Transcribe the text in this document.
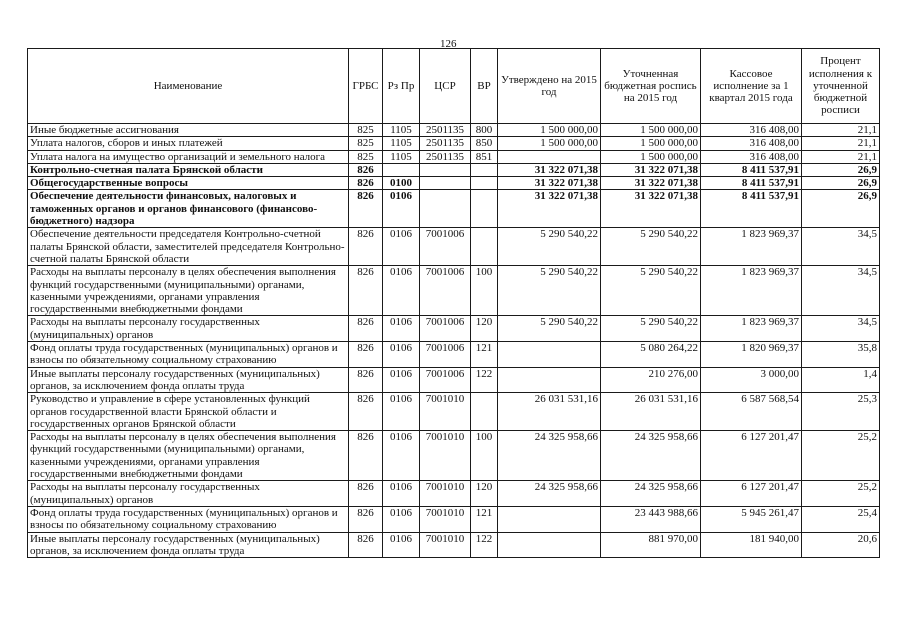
126
Наименование	ГРБС	Рз Пр	ЦСР	ВР	Утверждено на 2015 год	Уточненная бюджетная роспись на 2015 год	Кассовое исполнение за 1 квартал 2015 года	Процент исполнения к уточненной бюджетной росписи
Иные бюджетные ассигнования	825	1105	2501135	800	1 500 000,00	1 500 000,00	316 408,00	21,1
Уплата налогов, сборов и иных платежей	825	1105	2501135	850	1 500 000,00	1 500 000,00	316 408,00	21,1
Уплата налога на имущество организаций и земельного налога	825	1105	2501135	851		1 500 000,00	316 408,00	21,1
Контрольно-счетная палата Брянской области	826				31 322 071,38	31 322 071,38	8 411 537,91	26,9
Общегосударственные вопросы	826	0100			31 322 071,38	31 322 071,38	8 411 537,91	26,9
Обеспечение деятельности финансовых, налоговых и таможенных органов и органов финансового (финансово-бюджетного) надзора	826	0106			31 322 071,38	31 322 071,38	8 411 537,91	26,9
Обеспечение деятельности председателя Контрольно-счетной палаты Брянской области, заместителей председателя Контрольно-счетной палаты Брянской области	826	0106	7001006		5 290 540,22	5 290 540,22	1 823 969,37	34,5
Расходы на выплаты персоналу в целях обеспечения выполнения функций государственными (муниципальными) органами, казенными учреждениями, органами управления государственными внебюджетными фондами	826	0106	7001006	100	5 290 540,22	5 290 540,22	1 823 969,37	34,5
Расходы на выплаты персоналу государственных (муниципальных) органов	826	0106	7001006	120	5 290 540,22	5 290 540,22	1 823 969,37	34,5
Фонд оплаты труда государственных (муниципальных) органов и взносы по обязательному социальному страхованию	826	0106	7001006	121		5 080 264,22	1 820 969,37	35,8
Иные выплаты персоналу государственных (муниципальных) органов, за исключением фонда оплаты труда	826	0106	7001006	122		210 276,00	3 000,00	1,4
Руководство и управление в сфере установленных функций органов государственной власти Брянской области и государственных органов Брянской области	826	0106	7001010		26 031 531,16	26 031 531,16	6 587 568,54	25,3
Расходы на выплаты персоналу в целях обеспечения выполнения функций государственными (муниципальными) органами, казенными учреждениями, органами управления государственными внебюджетными фондами	826	0106	7001010	100	24 325 958,66	24 325 958,66	6 127 201,47	25,2
Расходы на выплаты персоналу государственных (муниципальных) органов	826	0106	7001010	120	24 325 958,66	24 325 958,66	6 127 201,47	25,2
Фонд оплаты труда государственных (муниципальных) органов и взносы по обязательному социальному страхованию	826	0106	7001010	121		23 443 988,66	5 945 261,47	25,4
Иные выплаты персоналу государственных (муниципальных) органов, за исключением фонда оплаты труда	826	0106	7001010	122		881 970,00	181 940,00	20,6
